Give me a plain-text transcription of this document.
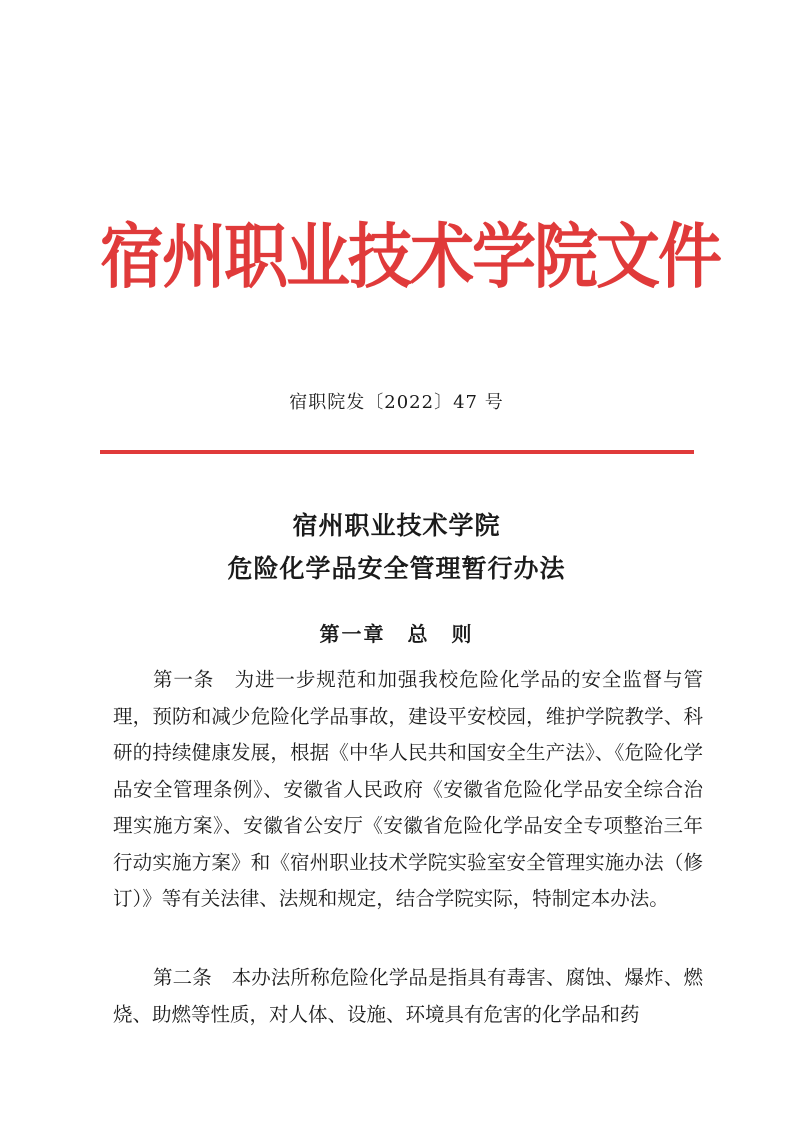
宿州职业技术学院文件
宿职院发〔2022〕47 号
宿州职业技术学院
危险化学品安全管理暂行办法
第一章　 总　则

第一条　 为进一步规范和加强我校危险化学品的安全监督与管理，预防和减少危险化学品事故，建设平安校园，维护学院教学、科研的持续健康发展，根据《中华人民共和国安全生产法》、《危险化学品安全管理条例》、安徽省人民政府《安徽省危险化学品安全综合治理实施方案》、安徽省公安厅《安徽省危险化学品安全专项整治三年行动实施方案》和《宿州职业技术学院实验室安全管理实施办法（修订）》等有关法律、法规和规定，结合学院实际，特制定本办法。

第二条　 本办法所称危险化学品是指具有毒害、腐蚀、爆炸、燃烧、助燃等性质，对人体、设施、环境具有危害的化学品和药
